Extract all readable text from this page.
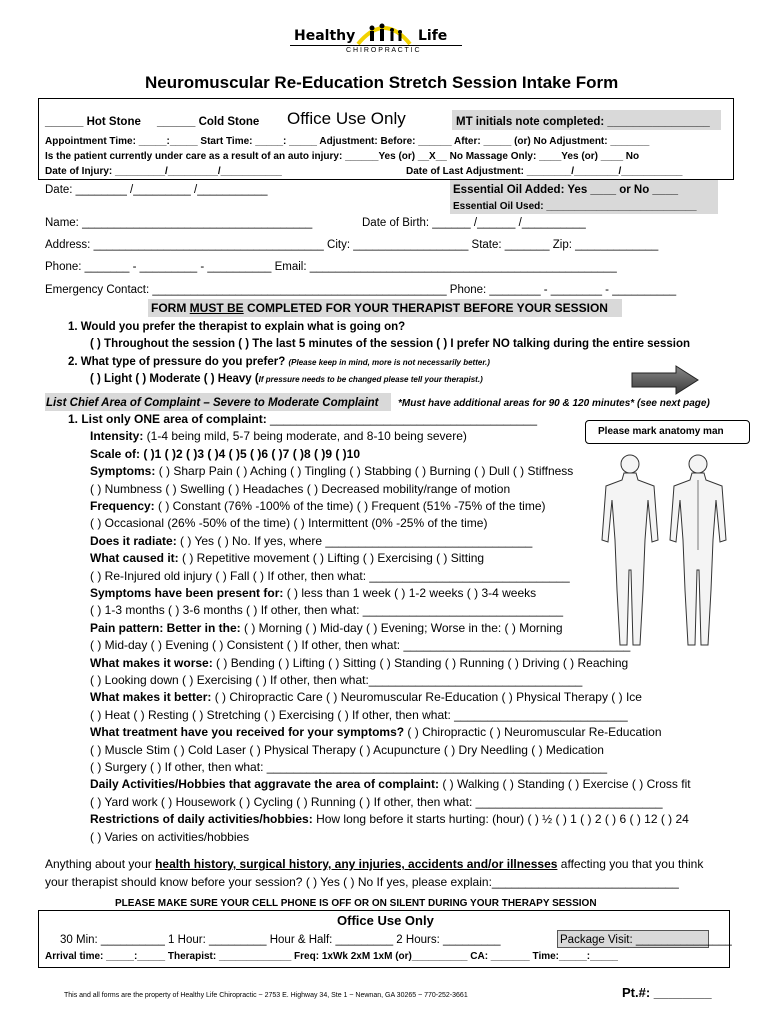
Healthy	Life
C H I R O P R A C T I C
Neuromuscular Re-Education Stretch Session Intake Form
______ Hot Stone ______ Cold Stone Office Use Only	MT initials note completed: ________________
Appointment Time: _____:_____ Start Time: _____: _____ Adjustment: Before: ______ After: _____ (or) No Adjustment: _______
Is the patient currently under care as a result of an auto injury: ______Yes (or) __X__ No Massage Only: ____Yes (or) ____ No
Date of Injury: _________/_________/___________	Date of Last Adjustment: ________/________/___________
Date: ________ /_________ /___________	Essential Oil Added: Yes ____ or No ____
Essential Oil Used: ___________________________
Name: ____________________________________	Date of Birth: ______ /______ /__________
Address: ____________________________________ City: __________________ State: _______ Zip: _____________
Phone: _______ - _________ - __________ Email: ________________________________________________
Emergency Contact: ______________________________________________ Phone: ________ - ________ - __________
FORM MUST BE COMPLETED FOR YOUR THERAPIST BEFORE YOUR SESSION
1. Would you prefer the therapist to explain what is going on?
( ) Throughout the session ( ) The last 5 minutes of the session ( ) I prefer NO talking during the entire session
2. What type of pressure do you prefer? (Please keep in mind, more is not necessarily better.)
( ) Light ( ) Moderate ( ) Heavy (If pressure needs to be changed please tell your therapist.)
List Chief Area of Complaint – Severe to Moderate Complaint *Must have additional areas for 90 & 120 minutes* (see next page)
Please mark anatomy man
1. List only ONE area of complaint: ________________________________________
Intensity: (1-4 being mild, 5-7 being moderate, and 8-10 being severe)
Scale of: ( )1 ( )2 ( )3 ( )4 ( )5 ( )6 ( )7 ( )8 ( )9 ( )10
Symptoms: ( ) Sharp Pain ( ) Aching ( ) Tingling ( ) Stabbing ( ) Burning ( ) Dull ( ) Stiffness
( ) Numbness ( ) Swelling ( ) Headaches ( ) Decreased mobility/range of motion
Frequency: ( ) Constant (76% -100% of the time) ( ) Frequent (51% -75% of the time)
( ) Occasional (26% -50% of the time) ( ) Intermittent (0% -25% of the time)
Does it radiate: ( ) Yes ( ) No. If yes, where _______________________________
What caused it: ( ) Repetitive movement ( ) Lifting ( ) Exercising ( ) Sitting
( ) Re-Injured old injury ( ) Fall ( ) If other, then what: ______________________________
Symptoms have been present for: ( ) less than 1 week ( ) 1-2 weeks ( ) 3-4 weeks
( ) 1-3 months ( ) 3-6 months ( ) If other, then what: ______________________________
Pain pattern: Better in the: ( ) Morning ( ) Mid-day ( ) Evening; Worse in the: ( ) Morning
( ) Mid-day ( ) Evening ( ) Consistent ( ) If other, then what: __________________________________
What makes it worse: ( ) Bending ( ) Lifting ( ) Sitting ( ) Standing ( ) Running ( ) Driving ( ) Reaching
( ) Looking down ( ) Exercising ( ) If other, then what:________________________________
What makes it better: ( ) Chiropractic Care ( ) Neuromuscular Re-Education ( ) Physical Therapy ( ) Ice
( ) Heat ( ) Resting ( ) Stretching ( ) Exercising ( ) If other, then what: __________________________
What treatment have you received for your symptoms? ( ) Chiropractic ( ) Neuromuscular Re-Education
( ) Muscle Stim ( ) Cold Laser ( ) Physical Therapy ( ) Acupuncture ( ) Dry Needling ( ) Medication
( ) Surgery ( ) If other, then what: ___________________________________________________
Daily Activities/Hobbies that aggravate the area of complaint: ( ) Walking ( ) Standing ( ) Exercise ( ) Cross fit
( ) Yard work ( ) Housework ( ) Cycling ( ) Running ( ) If other, then what: ____________________________
Restrictions of daily activities/hobbies: How long before it starts hurting: (hour) ( ) ½ ( ) 1 ( ) 2 ( ) 6 ( ) 12 ( ) 24
( ) Varies on activities/hobbies
Anything about your health history, surgical history, any injuries, accidents and/or illnesses affecting you that you think
your therapist should know before your session? ( ) Yes ( ) No If yes, please explain:____________________________
PLEASE MAKE SURE YOUR CELL PHONE IS OFF OR ON SILENT DURING YOUR THERAPY SESSION
Office Use Only
30 Min: __________ 1 Hour: _________ Hour & Half: _________ 2 Hours: _________	Package Visit: _______________
Arrival time: _____:_____ Therapist: _____________ Freq: 1xWk 2xM 1xM (or)__________ CA: _______ Time:_____:_____
This and all forms are the property of Healthy Life Chiropractic ~ 2753 E. Highway 34, Ste 1 ~ Newnan, GA 30265 ~ 770-252-3661	Pt.#: ________
